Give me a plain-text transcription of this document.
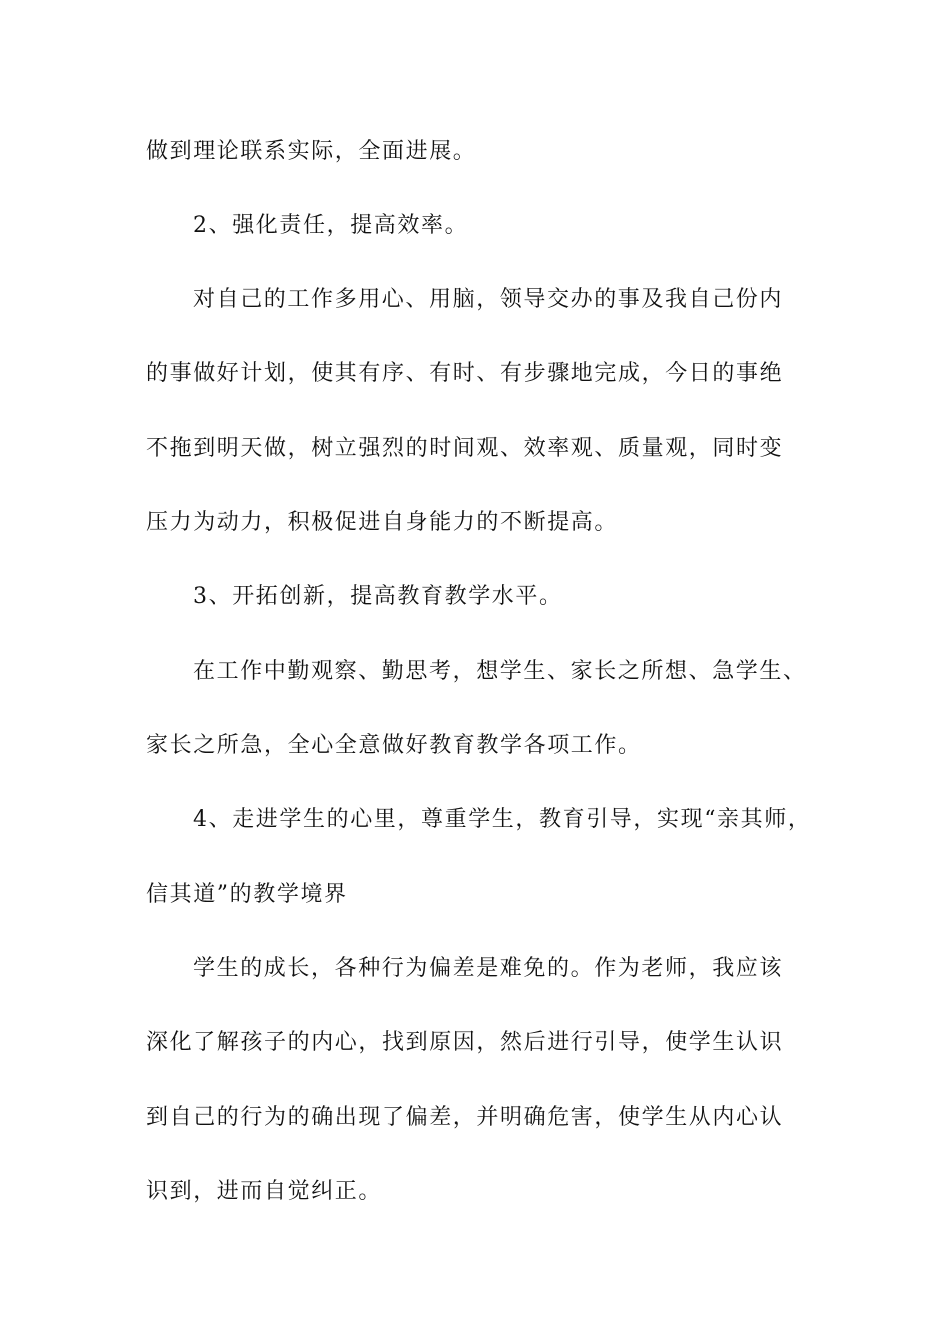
做到理论联系实际，全面进展。
2、强化责任，提高效率。
对自己的工作多用心、用脑，领导交办的事及我自己份内
的事做好计划，使其有序、有时、有步骤地完成，今日的事绝
不拖到明天做，树立强烈的时间观、效率观、质量观，同时变
压力为动力，积极促进自身能力的不断提高。
3、开拓创新，提高教育教学水平。
在工作中勤观察、勤思考，想学生、家长之所想、急学生、
家长之所急，全心全意做好教育教学各项工作。
4、走进学生的心里，尊重学生，教育引导，实现“亲其师，
信其道”的教学境界
学生的成长，各种行为偏差是难免的。作为老师，我应该
深化了解孩子的内心，找到原因，然后进行引导，使学生认识
到自己的行为的确出现了偏差，并明确危害，使学生从内心认
识到，进而自觉纠正。
